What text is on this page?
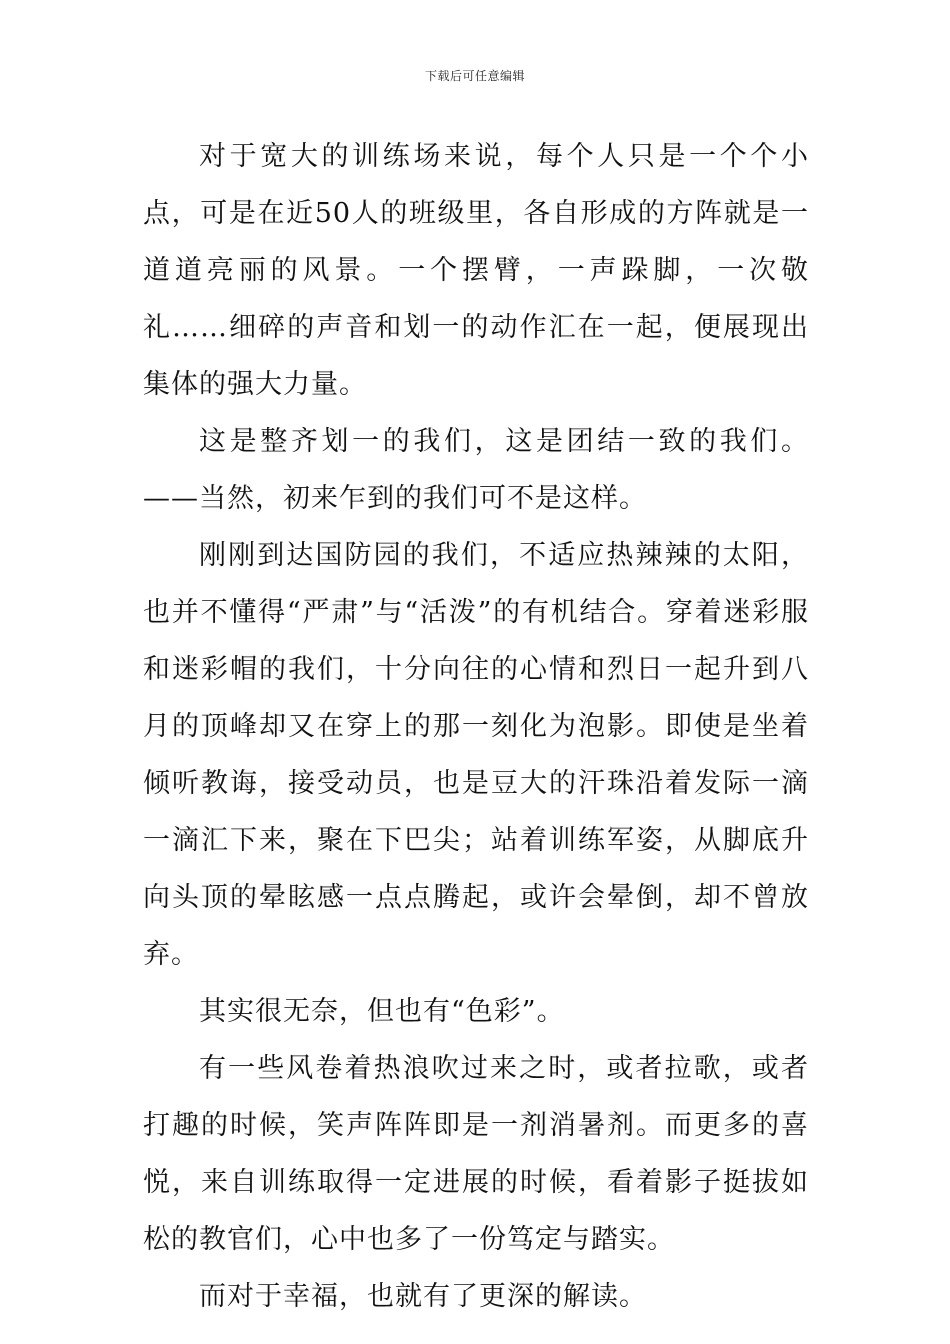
下载后可任意编辑

对于宽大的训练场来说，每个人只是一个个小点，可是在近50人的班级里，各自形成的方阵就是一道道亮丽的风景。一个摆臂，一声跺脚，一次敬礼……细碎的声音和划一的动作汇在一起，便展现出集体的强大力量。

这是整齐划一的我们，这是团结一致的我们。——当然，初来乍到的我们可不是这样。

刚刚到达国防园的我们，不适应热辣辣的太阳，也并不懂得“严肃”与“活泼”的有机结合。穿着迷彩服和迷彩帽的我们，十分向往的心情和烈日一起升到八月的顶峰却又在穿上的那一刻化为泡影。即使是坐着倾听教诲，接受动员，也是豆大的汗珠沿着发际一滴一滴汇下来，聚在下巴尖；站着训练军姿，从脚底升向头顶的晕眩感一点点腾起，或许会晕倒，却不曾放弃。

其实很无奈，但也有“色彩”。

有一些风卷着热浪吹过来之时，或者拉歌，或者打趣的时候，笑声阵阵即是一剂消暑剂。而更多的喜悦，来自训练取得一定进展的时候，看着影子挺拔如松的教官们，心中也多了一份笃定与踏实。

而对于幸福，也就有了更深的解读。
